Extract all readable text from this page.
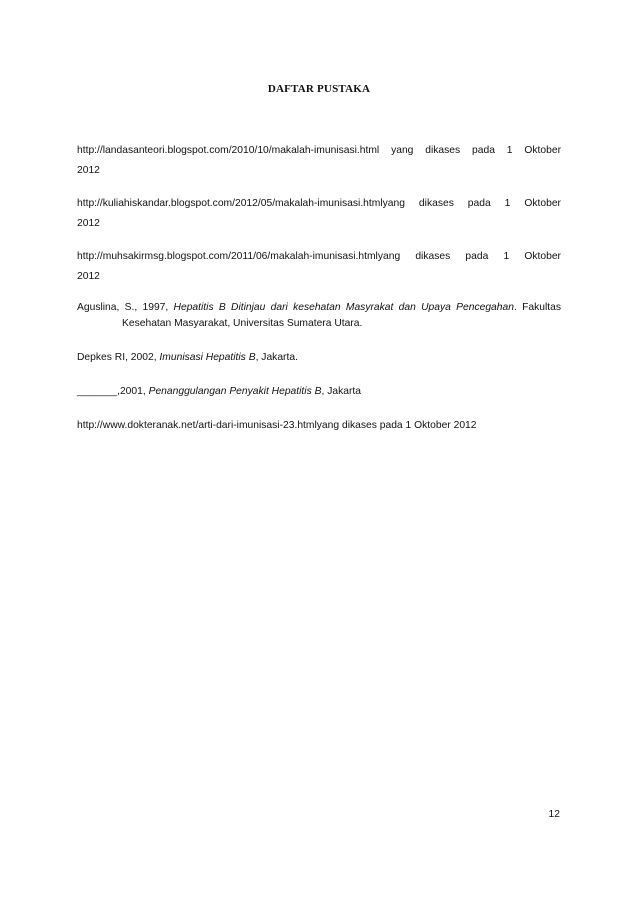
DAFTAR PUSTAKA
http://landasanteori.blogspot.com/2010/10/makalah-imunisasi.html yang dikases pada 1 Oktober
2012
http://kuliahiskandar.blogspot.com/2012/05/makalah-imunisasi.htmlyang dikases pada 1 Oktober
2012
http://muhsakirmsg.blogspot.com/2011/06/makalah-imunisasi.htmlyang dikases pada 1 Oktober
2012
Aguslina, S., 1997, Hepatitis B Ditinjau dari kesehatan Masyrakat dan Upaya Pencegahan. Fakultas
Kesehatan Masyarakat, Universitas Sumatera Utara.
Depkes RI, 2002, Imunisasi Hepatitis B, Jakarta.
_______,2001, Penanggulangan Penyakit Hepatitis B, Jakarta
http://www.dokteranak.net/arti-dari-imunisasi-23.htmlyang dikases pada 1 Oktober 2012
12
